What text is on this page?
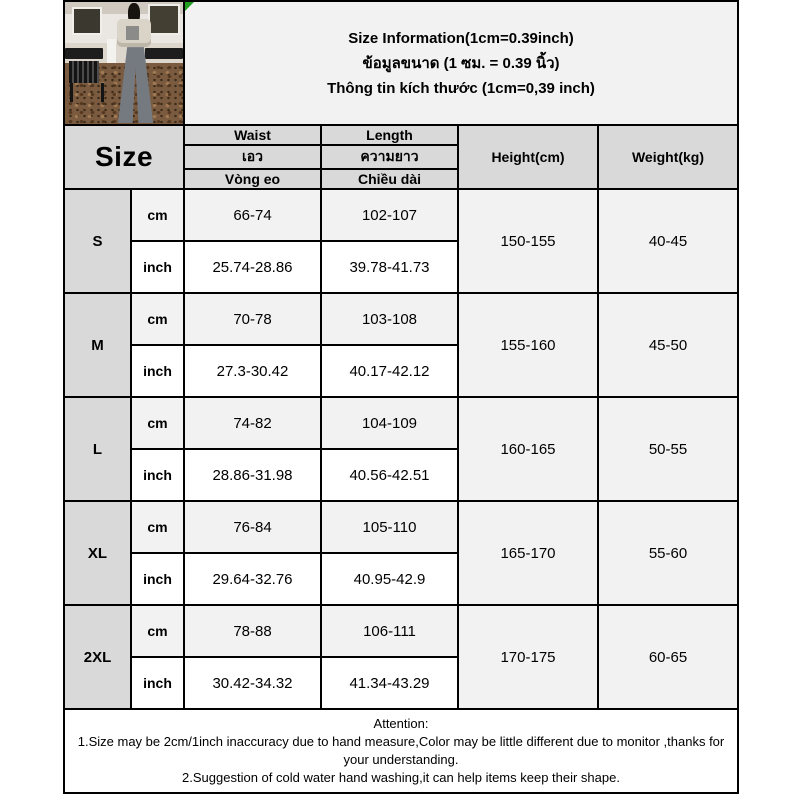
		Size Information(1cm=0.39inch)
ข้อมูลขนาด (1 ซม. = 0.39 นิ้ว)
Thông tin kích thước (1cm=0,39 inch)			

Size		Waist	Length	Height(cm)	Weight(kg)
		เอว	ความยาว		
		Vòng eo	Chiều dài		
S	cm	66-74	102-107	150-155	40-45
	inch	25.74-28.86	39.78-41.73		
M	cm	70-78	103-108	155-160	45-50
	inch	27.3-30.42	40.17-42.12		
L	cm	74-82	104-109	160-165	50-55
	inch	28.86-31.98	40.56-42.51		
XL	cm	76-84	105-110	165-170	55-60
	inch	29.64-32.76	40.95-42.9		
2XL	cm	78-88	106-111	170-175	60-65
	inch	30.42-34.32	41.34-43.29		

Attention:
1.Size may be 2cm/1inch inaccuracy due to hand measure,Color may be little different due to monitor ,thanks for your understanding.
2.Suggestion of cold water hand washing,it can help items keep their shape.					
